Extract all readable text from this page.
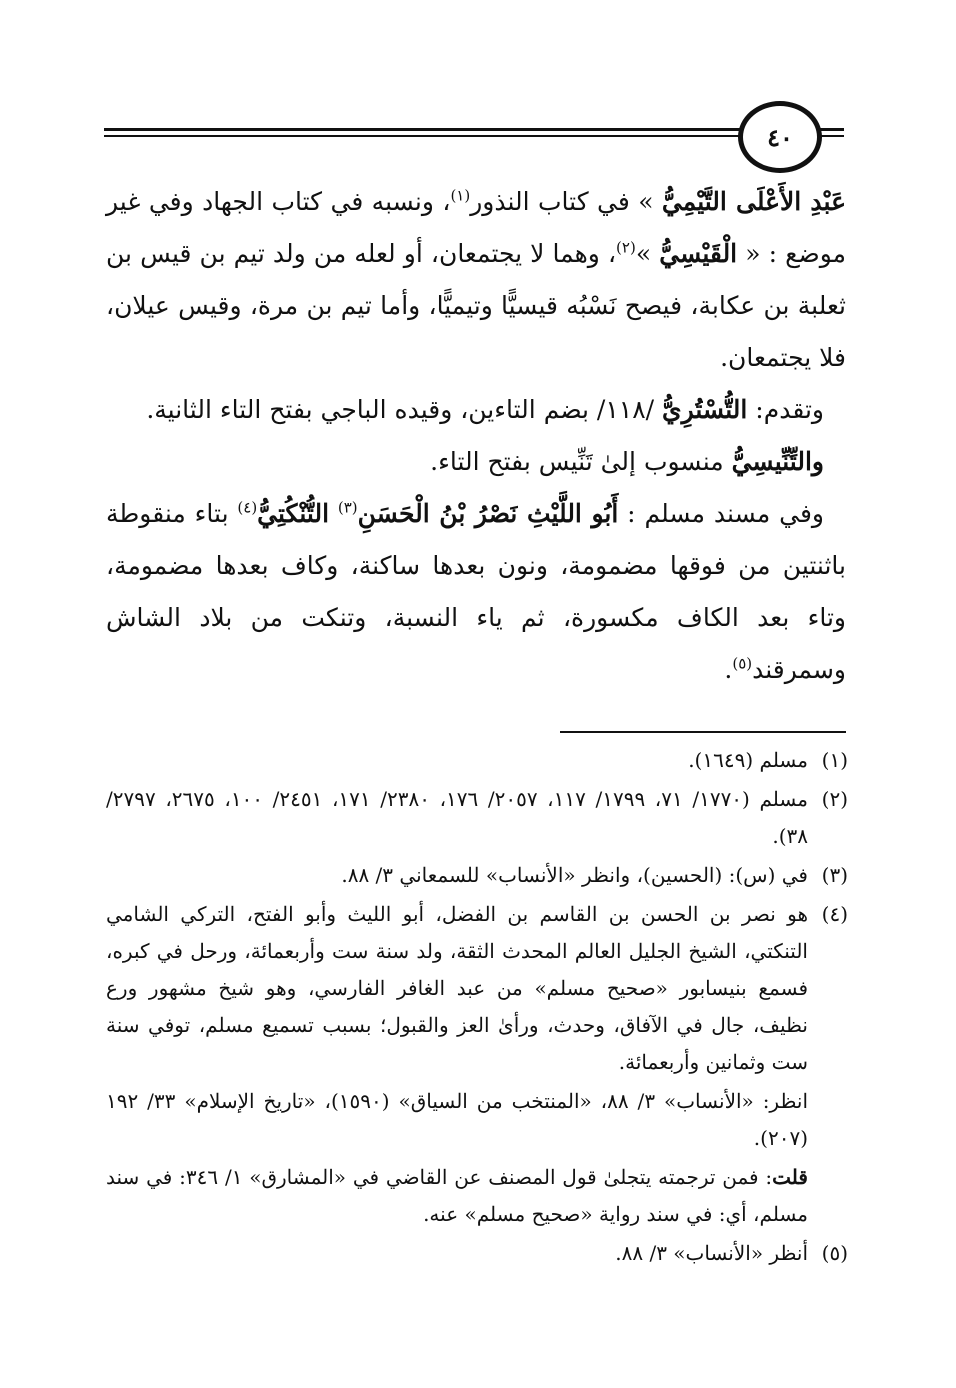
٤٠

عَبْدِ الأَعْلَى التَّيْمِيُّ » في كتاب النذور$^{(١)}$، ونسبه في كتاب الجهاد وفي غير موضع : « الْقَيْسِيُّ »$^{(٢)}$، وهما لا يجتمعان، أو لعله من ولد تيم بن قيس بن ثعلبة بن عكابة، فيصح نَسْبُه قيسيًّا وتيميًّا، وأما تيم بن مرة، وقيس عيلان، فلا يجتمعان.

وتقدم: التُّسْتُرِيُّ /١١٨/ بضم التاءين، وقيده الباجي بفتح التاء الثانية.

والتِّنِّيسِيُّ منسوب إلىٰ تَنِّيس بفتح التاء.

وفي مسند مسلم : أَبُو اللَّيْثِ نَصْرُ بْنُ الْحَسَنِ$^{(٣)}$ التُّنْكُتِيُّ$^{(٤)}$ بتاء منقوطة باثنتين من فوقها مضمومة، ونون بعدها ساكنة، وكاف بعدها مضمومة، وتاء بعد الكاف مكسورة، ثم ياء النسبة، وتنكت من بلاد الشاش وسمرقند$^{(٥)}$.

(١)

مسلم (١٦٤٩).

(٢)

مسلم (١٧٧٠/ ٧١، ١٧٩٩/ ١١٧، ٢٠٥٧/ ١٧٦، ٢٣٨٠/ ١٧١، ٢٤٥١/ ١٠٠، ٢٦٧٥، ٢٧٩٧/ ٣٨).

(٣)

في (س): (الحسين)، وانظر «الأنساب» للسمعاني ٣/ ٨٨.

(٤)

هو نصر بن الحسن بن القاسم بن الفضل، أبو الليث وأبو الفتح، التركي الشامي التنكتي، الشيخ الجليل العالم المحدث الثقة، ولد سنة ست وأربعمائة، ورحل في كبره، فسمع بنيسابور «صحيح مسلم» من عبد الغافر الفارسي، وهو شيخ مشهور ورع نظيف، جال في الآفاق، وحدث، ورأىٰ العز والقبول؛ بسبب تسميع مسلم، توفي سنة ست وثمانين وأربعمائة.

انظر: «الأنساب» ٣/ ٨٨، «المنتخب من السياق» (١٥٩٠)، «تاريخ الإسلام» ٣٣/ ١٩٢ (٢٠٧).

قلت: فمن ترجمته يتجلىٰ قول المصنف عن القاضي في «المشارق» ١/ ٣٤٦: في سند مسلم، أي: في سند رواية «صحيح مسلم» عنه.

(٥)

أنظر «الأنساب» ٣/ ٨٨.
